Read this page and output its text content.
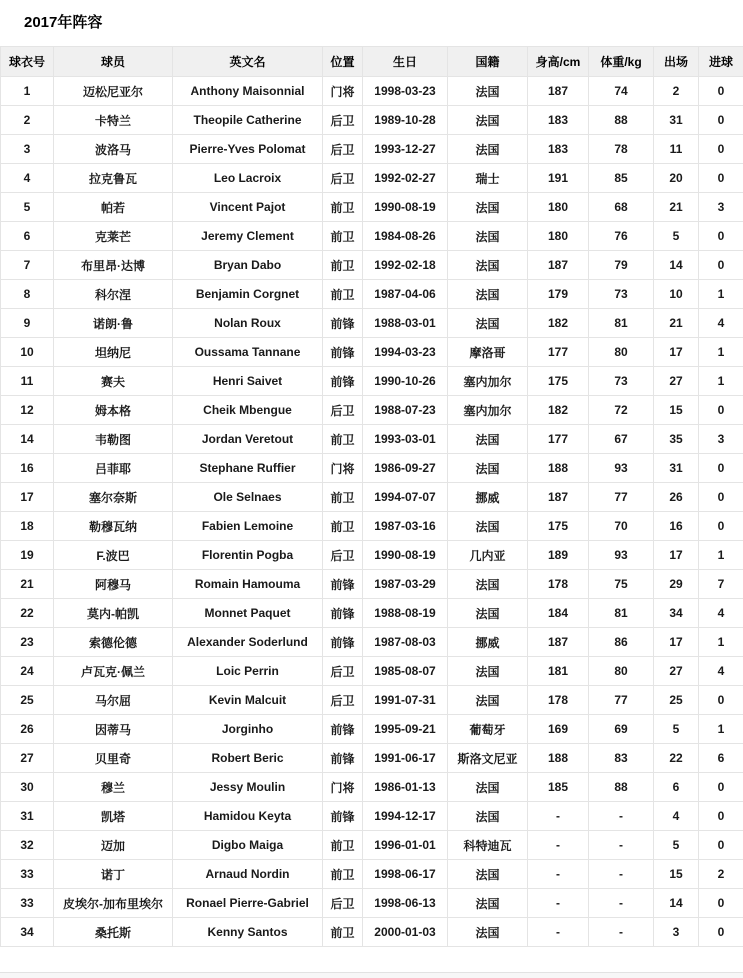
2017年阵容
球衣号	球员	英文名	位置	生日	国籍	身高/cm	体重/kg	出场	进球
1	迈松尼亚尔	Anthony Maisonnial	门将	1998-03-23	法国	187	74	2	0
2	卡特兰	Theopile Catherine	后卫	1989-10-28	法国	183	88	31	0
3	波洛马	Pierre-Yves Polomat	后卫	1993-12-27	法国	183	78	11	0
4	拉克鲁瓦	Leo Lacroix	后卫	1992-02-27	瑞士	191	85	20	0
5	帕若	Vincent Pajot	前卫	1990-08-19	法国	180	68	21	3
6	克莱芒	Jeremy Clement	前卫	1984-08-26	法国	180	76	5	0
7	布里昂·达博	Bryan Dabo	前卫	1992-02-18	法国	187	79	14	0
8	科尔涅	Benjamin Corgnet	前卫	1987-04-06	法国	179	73	10	1
9	诺朗·鲁	Nolan Roux	前锋	1988-03-01	法国	182	81	21	4
10	坦纳尼	Oussama Tannane	前锋	1994-03-23	摩洛哥	177	80	17	1
11	赛夫	Henri Saivet	前锋	1990-10-26	塞内加尔	175	73	27	1
12	姆本格	Cheik Mbengue	后卫	1988-07-23	塞内加尔	182	72	15	0
14	韦勒图	Jordan Veretout	前卫	1993-03-01	法国	177	67	35	3
16	吕菲耶	Stephane Ruffier	门将	1986-09-27	法国	188	93	31	0
17	塞尔奈斯	Ole Selnaes	前卫	1994-07-07	挪威	187	77	26	0
18	勒穆瓦纳	Fabien Lemoine	前卫	1987-03-16	法国	175	70	16	0
19	F.波巴	Florentin Pogba	后卫	1990-08-19	几内亚	189	93	17	1
21	阿穆马	Romain Hamouma	前锋	1987-03-29	法国	178	75	29	7
22	莫内-帕凯	Monnet Paquet	前锋	1988-08-19	法国	184	81	34	4
23	索德伦德	Alexander Soderlund	前锋	1987-08-03	挪威	187	86	17	1
24	卢瓦克·佩兰	Loic Perrin	后卫	1985-08-07	法国	181	80	27	4
25	马尔屈	Kevin Malcuit	后卫	1991-07-31	法国	178	77	25	0
26	因蒂马	Jorginho	前锋	1995-09-21	葡萄牙	169	69	5	1
27	贝里奇	Robert Beric	前锋	1991-06-17	斯洛文尼亚	188	83	22	6
30	穆兰	Jessy Moulin	门将	1986-01-13	法国	185	88	6	0
31	凯塔	Hamidou Keyta	前锋	1994-12-17	法国	-	-	4	0
32	迈加	Digbo Maiga	前卫	1996-01-01	科特迪瓦	-	-	5	0
33	诺丁	Arnaud Nordin	前卫	1998-06-17	法国	-	-	15	2
33	皮埃尔-加布里埃尔	Ronael Pierre-Gabriel	后卫	1998-06-13	法国	-	-	14	0
34	桑托斯	Kenny Santos	前卫	2000-01-03	法国	-	-	3	0
